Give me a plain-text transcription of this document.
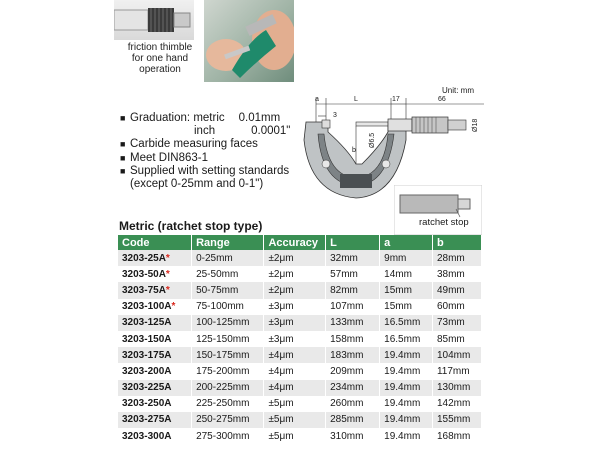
friction thimble
for one hand
operation
■ Graduation:
metric 0.01mm
inch	0.0001"
■ Carbide measuring faces
■ Meet DIN863-1
■ Supplied with setting standards
(except 0-25mm and 0-1")
Unit: mm
a	L	17	66
3
b
Ø6.5
Ø18
ratchet stop
Metric (ratchet stop type)
Code	Range	Accuracy	L	a	b
3203-25A*	0-25mm	±2μm	32mm	9mm	28mm
3203-50A*	25-50mm	±2μm	57mm	14mm	38mm
3203-75A*	50-75mm	±2μm	82mm	15mm	49mm
3203-100A*	75-100mm	±3μm	107mm	15mm	60mm
3203-125A	100-125mm	±3μm	133mm	16.5mm	73mm
3203-150A	125-150mm	±3μm	158mm	16.5mm	85mm
3203-175A	150-175mm	±4μm	183mm	19.4mm	104mm
3203-200A	175-200mm	±4μm	209mm	19.4mm	117mm
3203-225A	200-225mm	±4μm	234mm	19.4mm	130mm
3203-250A	225-250mm	±5μm	260mm	19.4mm	142mm
3203-275A	250-275mm	±5μm	285mm	19.4mm	155mm
3203-300A	275-300mm	±5μm	310mm	19.4mm	168mm
